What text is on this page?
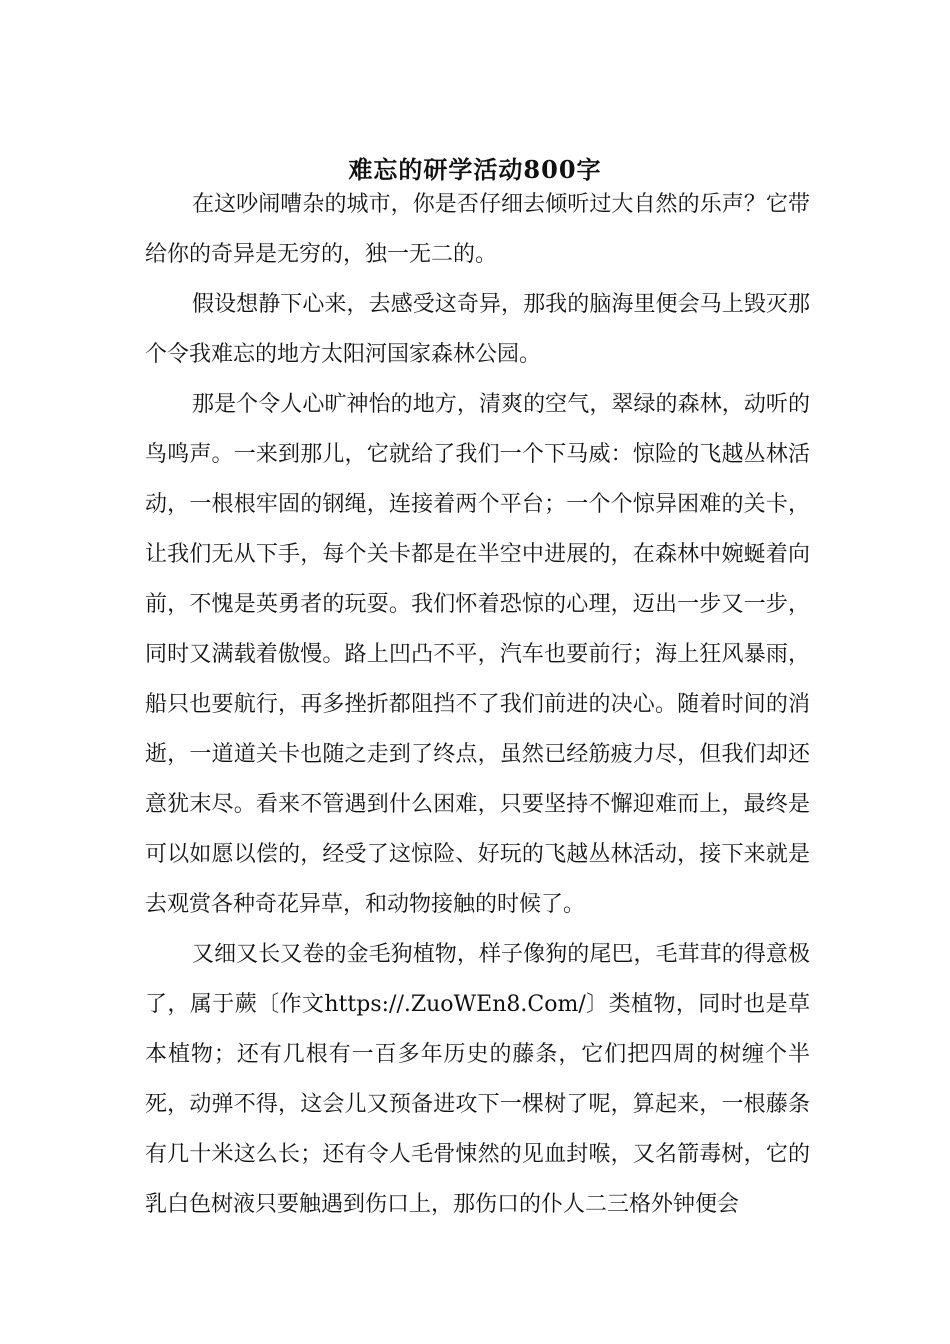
难忘的研学活动800字

在这吵闹嘈杂的城市，你是否仔细去倾听过大自然的乐声？它带给你的奇异是无穷的，独一无二的。

假设想静下心来，去感受这奇异，那我的脑海里便会马上毁灭那个令我难忘的地方太阳河国家森林公园。

那是个令人心旷神怡的地方，清爽的空气，翠绿的森林，动听的鸟鸣声。一来到那儿，它就给了我们一个下马威：惊险的飞越丛林活动，一根根牢固的钢绳，连接着两个平台；一个个惊异困难的关卡，让我们无从下手，每个关卡都是在半空中进展的，在森林中婉蜒着向前，不愧是英勇者的玩耍。我们怀着恐惊的心理，迈出一步又一步，同时又满载着傲慢。路上凹凸不平，汽车也要前行；海上狂风暴雨，船只也要航行，再多挫折都阻挡不了我们前进的决心。随着时间的消逝，一道道关卡也随之走到了终点，虽然已经筋疲力尽，但我们却还意犹末尽。看来不管遇到什么困难，只要坚持不懈迎难而上，最终是可以如愿以偿的，经受了这惊险、好玩的飞越丛林活动，接下来就是去观赏各种奇花异草，和动物接触的时候了。

又细又长又卷的金毛狗植物，样子像狗的尾巴，毛茸茸的得意极了，属于蕨〔作文https://.ZuoWEn8.Com/〕类植物，同时也是草本植物；还有几根有一百多年历史的藤条，它们把四周的树缠个半死，动弹不得，这会儿又预备进攻下一棵树了呢，算起来，一根藤条有几十米这么长；还有令人毛骨悚然的见血封喉，又名箭毒树，它的乳白色树液只要触遇到伤口上，那伤口的仆人二三格外钟便会
